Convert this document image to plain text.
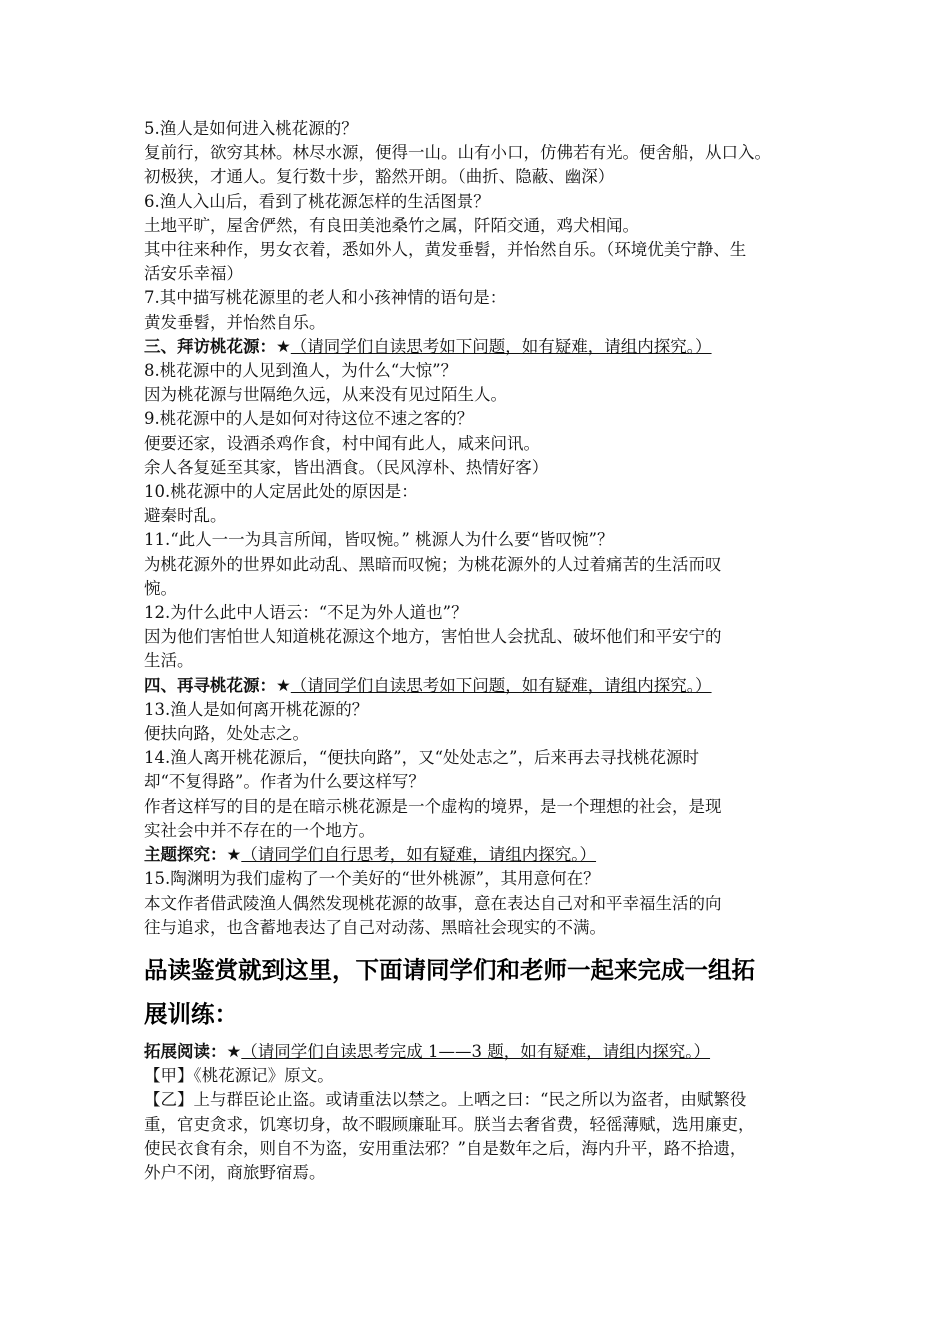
5.渔人是如何进入桃花源的？
复前行，欲穷其林。林尽水源，便得一山。山有小口，仿佛若有光。便舍船，从口入。
初极狭，才通人。复行数十步，豁然开朗。（曲折、隐蔽、幽深）
6.渔人入山后，看到了桃花源怎样的生活图景？
土地平旷，屋舍俨然，有良田美池桑竹之属，阡陌交通，鸡犬相闻。
其中往来种作，男女衣着，悉如外人，黄发垂髫，并怡然自乐。（环境优美宁静、生
活安乐幸福）
7.其中描写桃花源里的老人和小孩神情的语句是：
黄发垂髫，并怡然自乐。
三、拜访桃花源：★（请同学们自读思考如下问题，如有疑难，请组内探究。）
8.桃花源中的人见到渔人，为什么“大惊”？
因为桃花源与世隔绝久远，从来没有见过陌生人。
9.桃花源中的人是如何对待这位不速之客的？
便要还家，设酒杀鸡作食，村中闻有此人，咸来问讯。
余人各复延至其家，皆出酒食。（民风淳朴、热情好客）
10.桃花源中的人定居此处的原因是：
避秦时乱。
11.“此人一一为具言所闻，皆叹惋。” 桃源人为什么要“皆叹惋”？
为桃花源外的世界如此动乱、黑暗而叹惋；为桃花源外的人过着痛苦的生活而叹
惋。
12.为什么此中人语云：“不足为外人道也”？
因为他们害怕世人知道桃花源这个地方，害怕世人会扰乱、破坏他们和平安宁的
生活。
四、再寻桃花源：★（请同学们自读思考如下问题，如有疑难，请组内探究。）
13.渔人是如何离开桃花源的？
便扶向路，处处志之。
14.渔人离开桃花源后，“便扶向路”，又“处处志之”，后来再去寻找桃花源时
却“不复得路”。作者为什么要这样写？
作者这样写的目的是在暗示桃花源是一个虚构的境界，是一个理想的社会，是现
实社会中并不存在的一个地方。
主题探究：★（请同学们自行思考，如有疑难，请组内探究。）
15.陶渊明为我们虚构了一个美好的“世外桃源”，其用意何在？
本文作者借武陵渔人偶然发现桃花源的故事，意在表达自己对和平幸福生活的向
往与追求，也含蓄地表达了自己对动荡、黑暗社会现实的不满。
品读鉴赏就到这里，下面请同学们和老师一起来完成一组拓
展训练：
拓展阅读：★（请同学们自读思考完成 1——3 题，如有疑难，请组内探究。）
【甲】《桃花源记》原文。
【乙】上与群臣论止盗。或请重法以禁之。上哂之曰：“民之所以为盗者，由赋繁役
重，官吏贪求，饥寒切身，故不暇顾廉耻耳。朕当去奢省费，轻徭薄赋，选用廉吏，
使民衣食有余，则自不为盗，安用重法邪？”自是数年之后，海内升平，路不拾遗，
外户不闭，商旅野宿焉。
